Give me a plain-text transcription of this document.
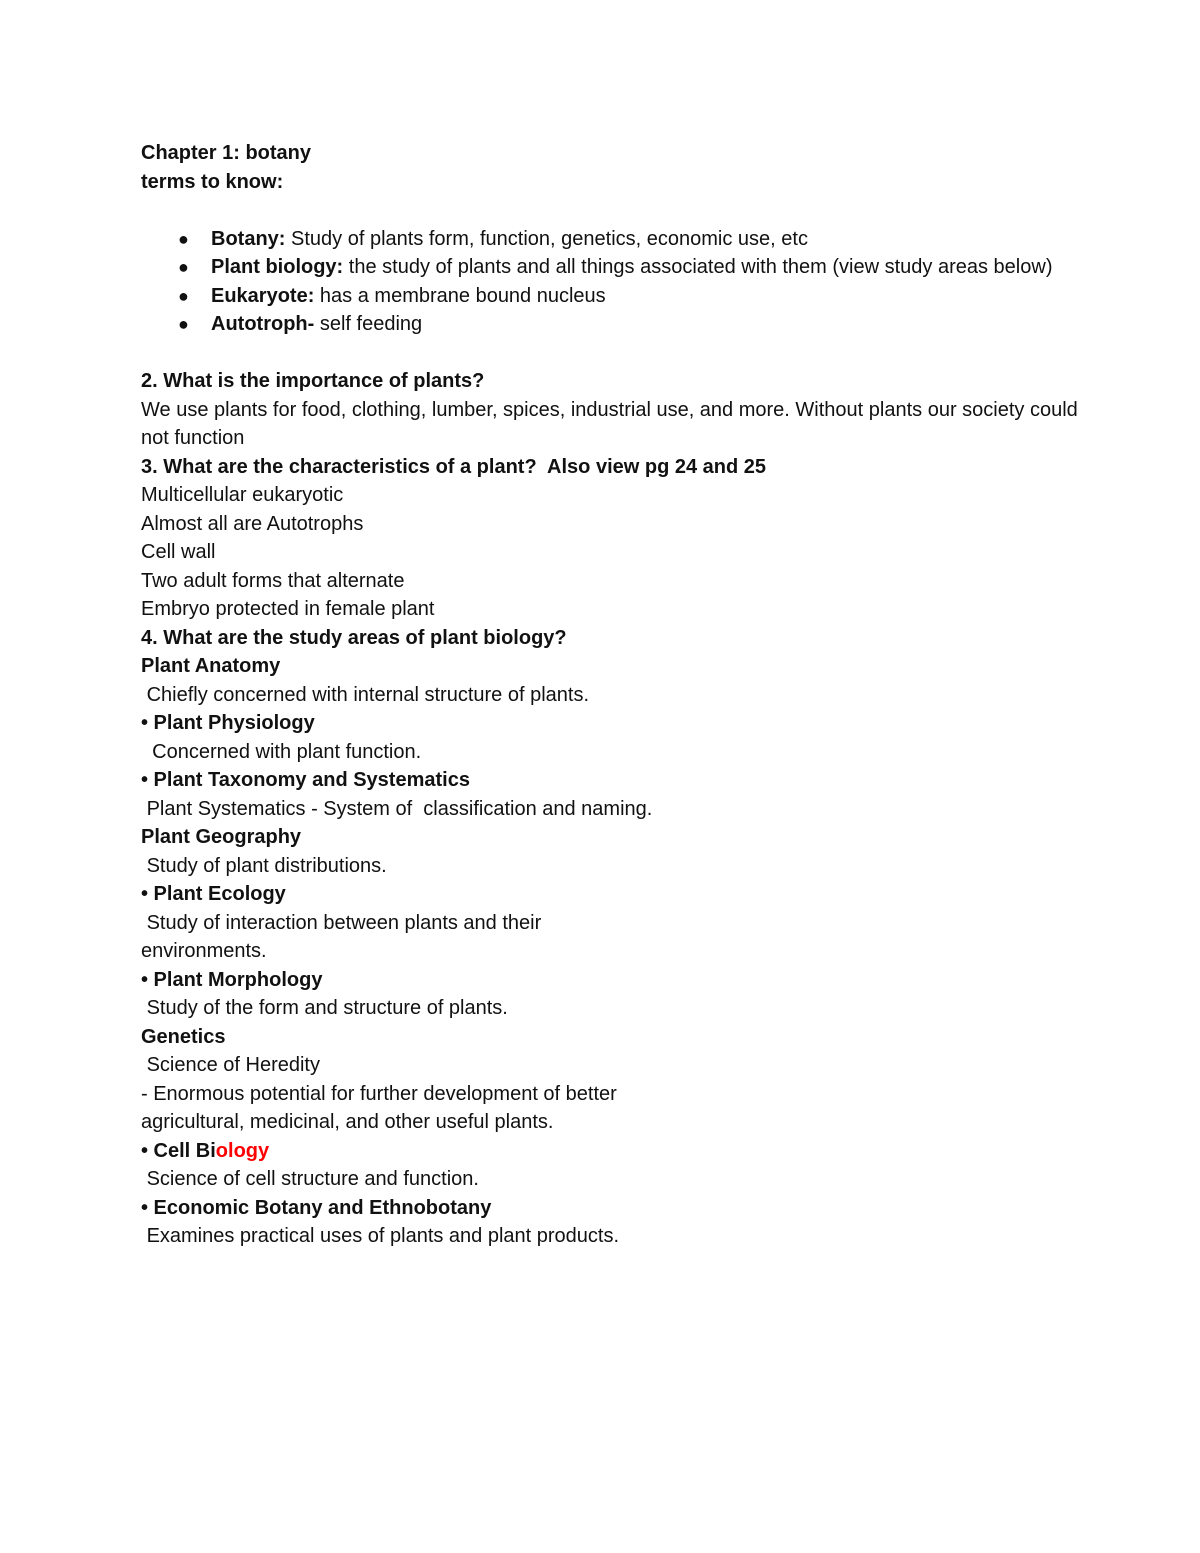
Chapter 1: botany
terms to know:
● Botany: Study of plants form, function, genetics, economic use, etc
● Plant biology: the study of plants and all things associated with them (view study areas below)
● Eukaryote: has a membrane bound nucleus
● Autotroph- self feeding
2. What is the importance of plants?
We use plants for food, clothing, lumber, spices, industrial use, and more. Without plants our society could not function
3. What are the characteristics of a plant?  Also view pg 24 and 25
Multicellular eukaryotic
Almost all are Autotrophs
Cell wall
Two adult forms that alternate
Embryo protected in female plant
4. What are the study areas of plant biology?
Plant Anatomy
Chiefly concerned with internal structure of plants.
• Plant Physiology
Concerned with plant function.
• Plant Taxonomy and Systematics
Plant Systematics - System of  classification and naming.
Plant Geography
Study of plant distributions.
• Plant Ecology
Study of interaction between plants and their
environments.
• Plant Morphology
Study of the form and structure of plants.
Genetics
Science of Heredity
- Enormous potential for further development of better
agricultural, medicinal, and other useful plants.
• Cell Biology
Science of cell structure and function.
• Economic Botany and Ethnobotany
Examines practical uses of plants and plant products.
